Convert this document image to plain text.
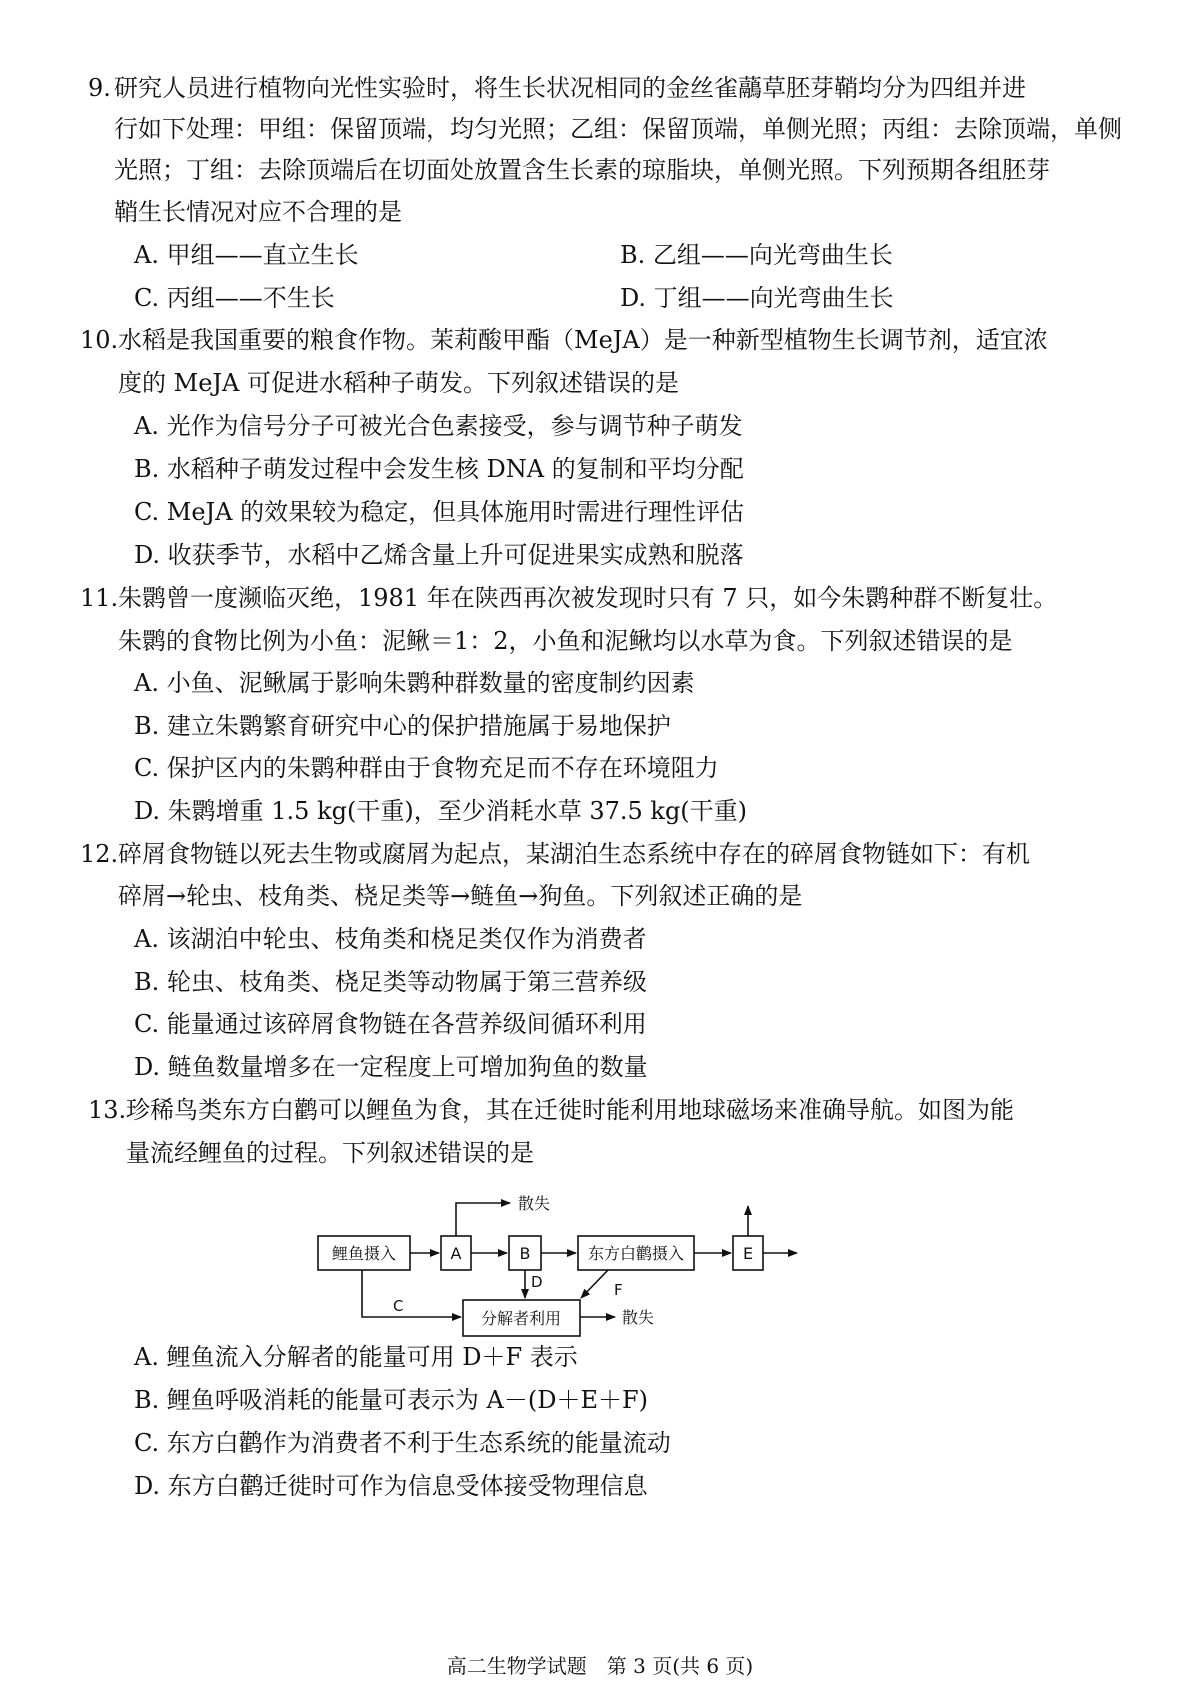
9. 研究人员进行植物向光性实验时，将生长状况相同的金丝雀虉草胚芽鞘均分为四组并进
行如下处理：甲组：保留顶端，均匀光照；乙组：保留顶端，单侧光照；丙组：去除顶端，单侧
光照；丁组：去除顶端后在切面处放置含生长素的琼脂块，单侧光照。下列预期各组胚芽
鞘生长情况对应不合理的是
A. 甲组——直立生长	B. 乙组——向光弯曲生长
C. 丙组——不生长	D. 丁组——向光弯曲生长
10. 水稻是我国重要的粮食作物。茉莉酸甲酯（MeJA）是一种新型植物生长调节剂，适宜浓
度的 MeJA 可促进水稻种子萌发。下列叙述错误的是
A. 光作为信号分子可被光合色素接受，参与调节种子萌发
B. 水稻种子萌发过程中会发生核 DNA 的复制和平均分配
C. MeJA 的效果较为稳定，但具体施用时需进行理性评估
D. 收获季节，水稻中乙烯含量上升可促进果实成熟和脱落
11. 朱鹮曾一度濒临灭绝，1981 年在陕西再次被发现时只有 7 只，如今朱鹮种群不断复壮。
朱鹮的食物比例为小鱼：泥鳅＝1：2，小鱼和泥鳅均以水草为食。下列叙述错误的是
A. 小鱼、泥鳅属于影响朱鹮种群数量的密度制约因素
B. 建立朱鹮繁育研究中心的保护措施属于易地保护
C. 保护区内的朱鹮种群由于食物充足而不存在环境阻力
D. 朱鹮增重 1.5 kg(干重)，至少消耗水草 37.5 kg(干重)
12. 碎屑食物链以死去生物或腐屑为起点，某湖泊生态系统中存在的碎屑食物链如下：有机
碎屑→轮虫、枝角类、桡足类等→鲢鱼→狗鱼。下列叙述正确的是
A. 该湖泊中轮虫、枝角类和桡足类仅作为消费者
B. 轮虫、枝角类、桡足类等动物属于第三营养级
C. 能量通过该碎屑食物链在各营养级间循环利用
D. 鲢鱼数量增多在一定程度上可增加狗鱼的数量
13. 珍稀鸟类东方白鹳可以鲤鱼为食，其在迁徙时能利用地球磁场来准确导航。如图为能
量流经鲤鱼的过程。下列叙述错误的是
鲤鱼摄入	A	B	东方白鹳摄入	E
分解者利用
散失
散失
C
D	F
A. 鲤鱼流入分解者的能量可用 D＋F 表示
B. 鲤鱼呼吸消耗的能量可表示为 A－(D＋E＋F)
C. 东方白鹳作为消费者不利于生态系统的能量流动
D. 东方白鹳迁徙时可作为信息受体接受物理信息
高二生物学试题　第 3 页(共 6 页)
